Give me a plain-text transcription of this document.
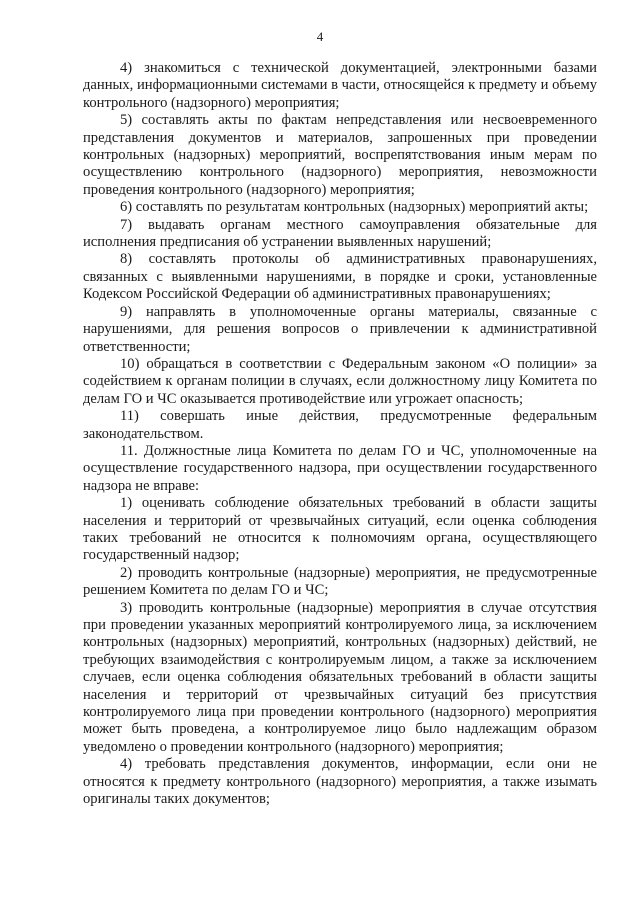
4

4) знакомиться с технической документацией, электронными базами данных, информационными системами в части, относящейся к предмету и объему контрольного (надзорного) мероприятия;

5) составлять акты по фактам непредставления или несвоевременного представления документов и материалов, запрошенных при проведении контрольных (надзорных) мероприятий, воспрепятствования иным мерам по осуществлению контрольного (надзорного) мероприятия, невозможности проведения контрольного (надзорного) мероприятия;

6) составлять по результатам контрольных (надзорных) мероприятий акты;

7) выдавать органам местного самоуправления обязательные для исполнения предписания об устранении выявленных нарушений;

8) составлять протоколы об административных правонарушениях, связанных с выявленными нарушениями, в порядке и сроки, установленные Кодексом Российской Федерации об административных правонарушениях;

9) направлять в уполномоченные органы материалы, связанные с нарушениями, для решения вопросов о привлечении к административной ответственности;

10) обращаться в соответствии с Федеральным законом «О полиции» за содействием к органам полиции в случаях, если должностному лицу Комитета по делам ГО и ЧС оказывается противодействие или угрожает опасность;

11) совершать иные действия, предусмотренные федеральным законодательством.

11. Должностные лица Комитета по делам ГО и ЧС, уполномоченные на осуществление государственного надзора, при осуществлении государственного надзора не вправе:

1) оценивать соблюдение обязательных требований в области защиты населения и территорий от чрезвычайных ситуаций, если оценка соблюдения таких требований не относится к полномочиям органа, осуществляющего государственный надзор;

2) проводить контрольные (надзорные) мероприятия, не предусмотренные решением Комитета по делам ГО и ЧС;

3) проводить контрольные (надзорные) мероприятия в случае отсутствия при проведении указанных мероприятий контролируемого лица, за исключением контрольных (надзорных) мероприятий, контрольных (надзорных) действий, не требующих взаимодействия с контролируемым лицом, а также за исключением случаев, если оценка соблюдения обязательных требований в области защиты населения и территорий от чрезвычайных ситуаций без присутствия контролируемого лица при проведении контрольного (надзорного) мероприятия может быть проведена, а контролируемое лицо было надлежащим образом уведомлено о проведении контрольного (надзорного) мероприятия;

4) требовать представления документов, информации, если они не относятся к предмету контрольного (надзорного) мероприятия, а также изымать оригиналы таких документов;
